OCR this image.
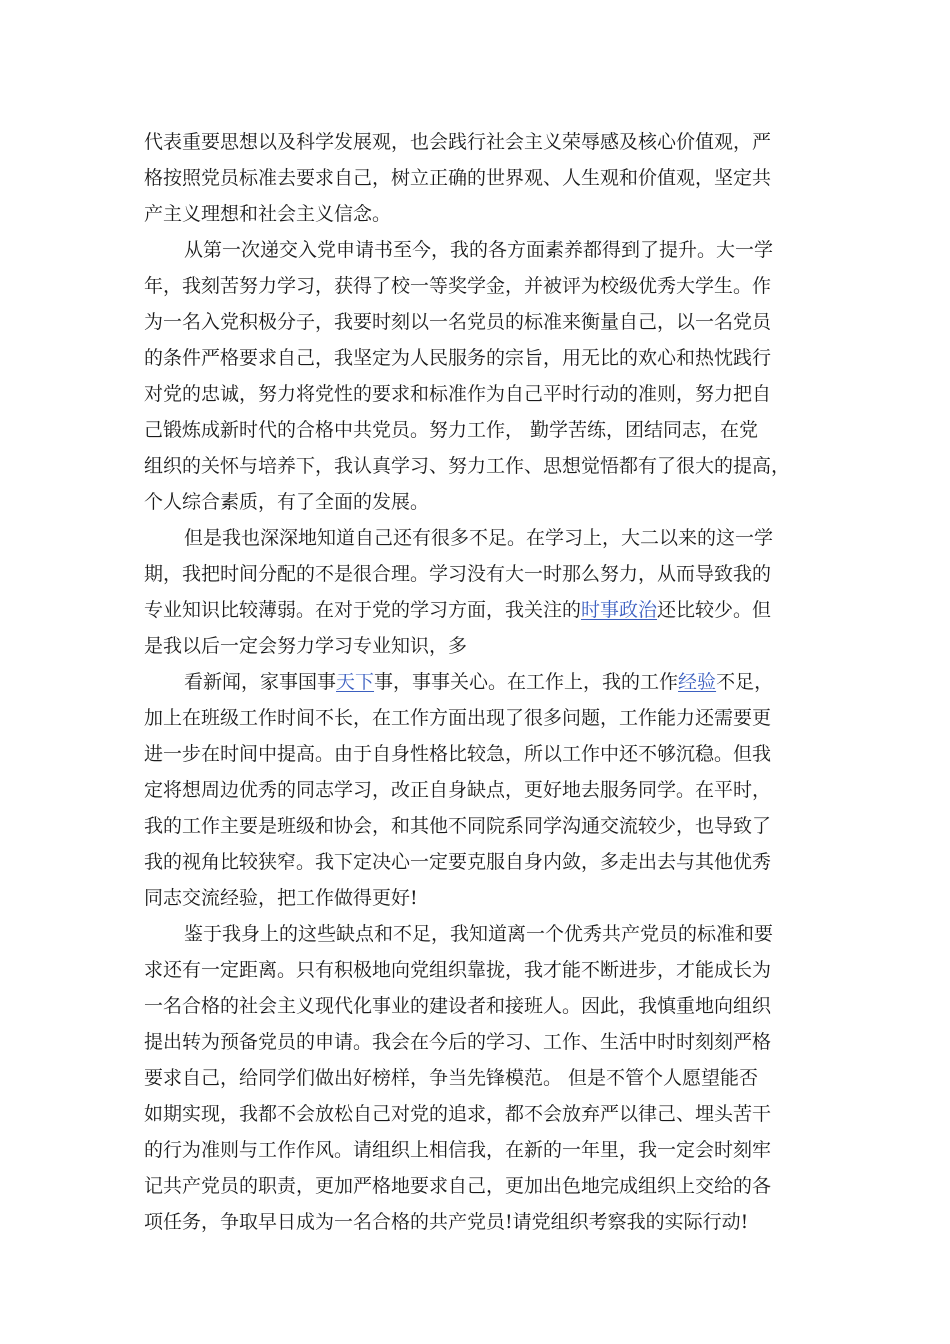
代表重要思想以及科学发展观，也会践行社会主义荣辱感及核心价值观，严
格按照党员标准去要求自己，树立正确的世界观、人生观和价值观，坚定共
产主义理想和社会主义信念。
从第一次递交入党申请书至今，我的各方面素养都得到了提升。大一学
年，我刻苦努力学习，获得了校一等奖学金，并被评为校级优秀大学生。作
为一名入党积极分子，我要时刻以一名党员的标准来衡量自己，以一名党员
的条件严格要求自己，我坚定为人民服务的宗旨，用无比的欢心和热忱践行
对党的忠诚，努力将党性的要求和标准作为自己平时行动的准则，努力把自
己锻炼成新时代的合格中共党员。努力工作， 勤学苦练，团结同志，在党
组织的关怀与培养下，我认真学习、努力工作、思想觉悟都有了很大的提高，
个人综合素质，有了全面的发展。
但是我也深深地知道自己还有很多不足。在学习上，大二以来的这一学
期，我把时间分配的不是很合理。学习没有大一时那么努力，从而导致我的
专业知识比较薄弱。在对于党的学习方面，我关注的时事政治还比较少。但
是我以后一定会努力学习专业知识，多
看新闻，家事国事天下事，事事关心。在工作上，我的工作经验不足，
加上在班级工作时间不长，在工作方面出现了很多问题，工作能力还需要更
进一步在时间中提高。由于自身性格比较急，所以工作中还不够沉稳。但我
定将想周边优秀的同志学习，改正自身缺点，更好地去服务同学。在平时，
我的工作主要是班级和协会，和其他不同院系同学沟通交流较少，也导致了
我的视角比较狭窄。我下定决心一定要克服自身内敛，多走出去与其他优秀
同志交流经验，把工作做得更好!
鉴于我身上的这些缺点和不足，我知道离一个优秀共产党员的标准和要
求还有一定距离。只有积极地向党组织靠拢，我才能不断进步，才能成长为
一名合格的社会主义现代化事业的建设者和接班人。因此，我慎重地向组织
提出转为预备党员的申请。我会在今后的学习、工作、生活中时时刻刻严格
要求自己，给同学们做出好榜样，争当先锋模范。 但是不管个人愿望能否
如期实现，我都不会放松自己对党的追求，都不会放弃严以律己、埋头苦干
的行为准则与工作作风。请组织上相信我，在新的一年里，我一定会时刻牢
记共产党员的职责，更加严格地要求自己，更加出色地完成组织上交给的各
项任务，争取早日成为一名合格的共产党员!请党组织考察我的实际行动!
